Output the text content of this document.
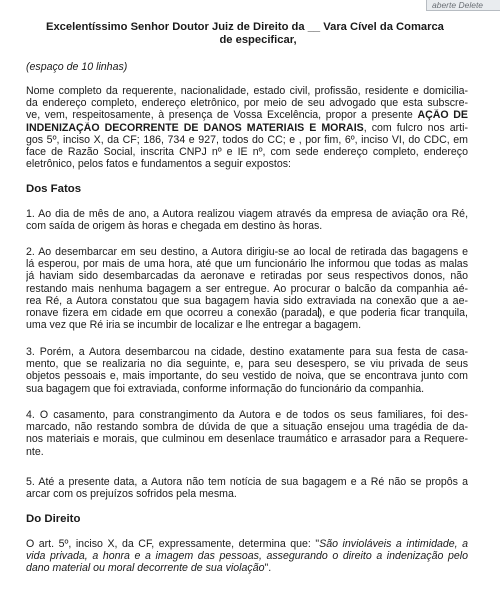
aberte Delete
Excelentíssimo Senhor Doutor Juiz de Direito da __ Vara Cível da Comarca
de especificar,
(espaço de 10 linhas)
Nome completo da requerente, nacionalidade, estado civil, profissão, residente e domicilia-
da endereço completo, endereço eletrônico, por meio de seu advogado que esta subscre-
ve, vem, respeitosamente, à presença de Vossa Excelência, propor a presente AÇÃO DE
INDENIZAÇÃO DECORRENTE DE DANOS MATERIAIS E MORAIS, com fulcro nos arti-
gos 5º, inciso X, da CF; 186, 734 e 927, todos do CC; e , por fim, 6º, inciso VI, do CDC, em
face de Razão Social, inscrita CNPJ nº e IE nº, com sede endereço completo, endereço
eletrônico, pelos fatos e fundamentos a seguir expostos:
Dos Fatos
1. Ao dia de mês de ano, a Autora realizou viagem através da empresa de aviação ora Ré,
com saída de origem às horas e chegada em destino às horas.
2. Ao desembarcar em seu destino, a Autora dirigiu-se ao local de retirada das bagagens e
lá esperou, por mais de uma hora, até que um funcionário lhe informou que todas as malas
já haviam sido desembarcadas da aeronave e retiradas por seus respectivos donos, não
restando mais nenhuma bagagem a ser entregue. Ao procurar o balcão da companhia aé-
rea Ré, a Autora constatou que sua bagagem havia sido extraviada na conexão que a ae-
ronave fizera em cidade em que ocorreu a conexão (parada), e que poderia ficar tranquila,
uma vez que Ré iria se incumbir de localizar e lhe entregar a bagagem.
3. Porém, a Autora desembarcou na cidade, destino exatamente para sua festa de casa-
mento, que se realizaria no dia seguinte, e, para seu desespero, se viu privada de seus
objetos pessoais e, mais importante, do seu vestido de noiva, que se encontrava junto com
sua bagagem que foi extraviada, conforme informação do funcionário da companhia.
4. O casamento, para constrangimento da Autora e de todos os seus familiares, foi des-
marcado, não restando sombra de dúvida de que a situação ensejou uma tragédia de da-
nos materiais e morais, que culminou em desenlace traumático e arrasador para a Requere-
nte.
5. Até a presente data, a Autora não tem notícia de sua bagagem e a Ré não se propôs a
arcar com os prejuízos sofridos pela mesma.
Do Direito
O art. 5º, inciso X, da CF, expressamente, determina que: "São invioláveis a intimidade, a
vida privada, a honra e a imagem das pessoas, assegurando o direito a indenização pelo
dano material ou moral decorrente de sua violação".
